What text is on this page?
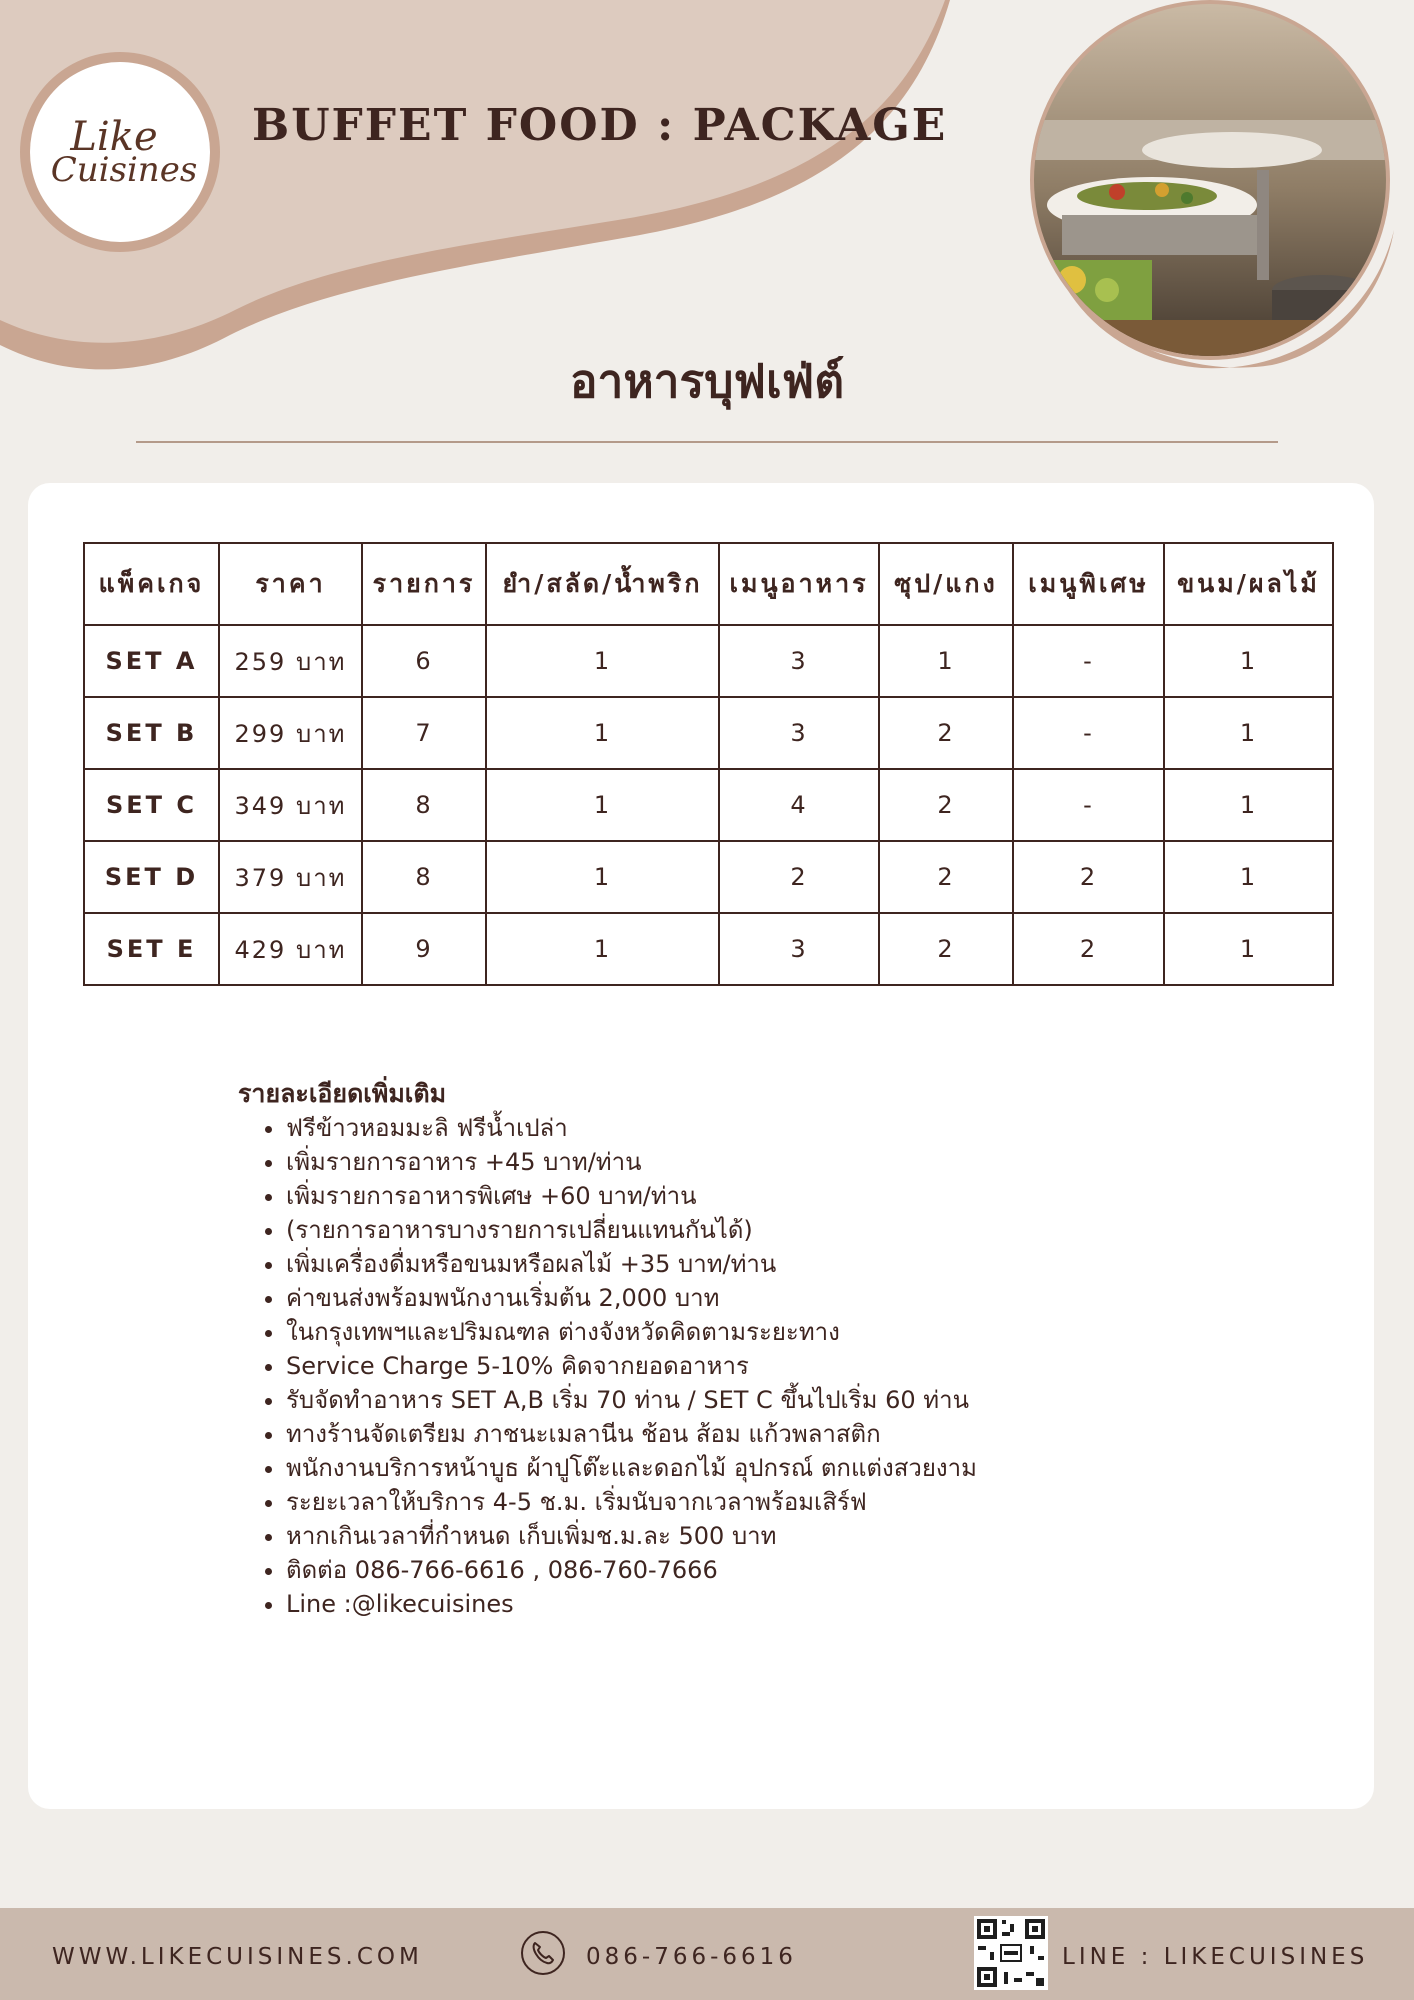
Like
Cuisines
BUFFET FOOD : PACKAGE
อาหารบุฟเฟ่ต์
แพ็คเกจ	ราคา	รายการ	ยำ/สลัด/น้ำพริก	เมนูอาหาร	ซุป/แกง	เมนูพิเศษ	ขนม/ผลไม้
SET A	259 บาท	6	1	3	1	-	1
SET B	299 บาท	7	1	3	2	-	1
SET C	349 บาท	8	1	4	2	-	1
SET D	379 บาท	8	1	2	2	2	1
SET E	429 บาท	9	1	3	2	2	1
รายละเอียดเพิ่มเติม
• ฟรีข้าวหอมมะลิ ฟรีน้ำเปล่า
• เพิ่มรายการอาหาร +45 บาท/ท่าน
• เพิ่มรายการอาหารพิเศษ +60 บาท/ท่าน
• (รายการอาหารบางรายการเปลี่ยนแทนกันได้)
• เพิ่มเครื่องดื่มหรือขนมหรือผลไม้ +35 บาท/ท่าน
• ค่าขนส่งพร้อมพนักงานเริ่มต้น 2,000 บาท
• ในกรุงเทพฯและปริมณฑล ต่างจังหวัดคิดตามระยะทาง
• Service Charge 5-10% คิดจากยอดอาหาร
• รับจัดทำอาหาร SET A,B เริ่ม 70 ท่าน / SET C ขึ้นไปเริ่ม 60 ท่าน
• ทางร้านจัดเตรียม ภาชนะเมลานีน ช้อน ส้อม แก้วพลาสติก
• พนักงานบริการหน้าบูธ ผ้าปูโต๊ะและดอกไม้ อุปกรณ์ ตกแต่งสวยงาม
• ระยะเวลาให้บริการ 4-5 ช.ม. เริ่มนับจากเวลาพร้อมเสิร์ฟ
• หากเกินเวลาที่กำหนด เก็บเพิ่มช.ม.ละ 500 บาท
• ติดต่อ 086-766-6616 , 086-760-7666
• Line :@likecuisines
WWW.LIKECUISINES.COM	086-766-6616	LINE : LIKECUISINES
